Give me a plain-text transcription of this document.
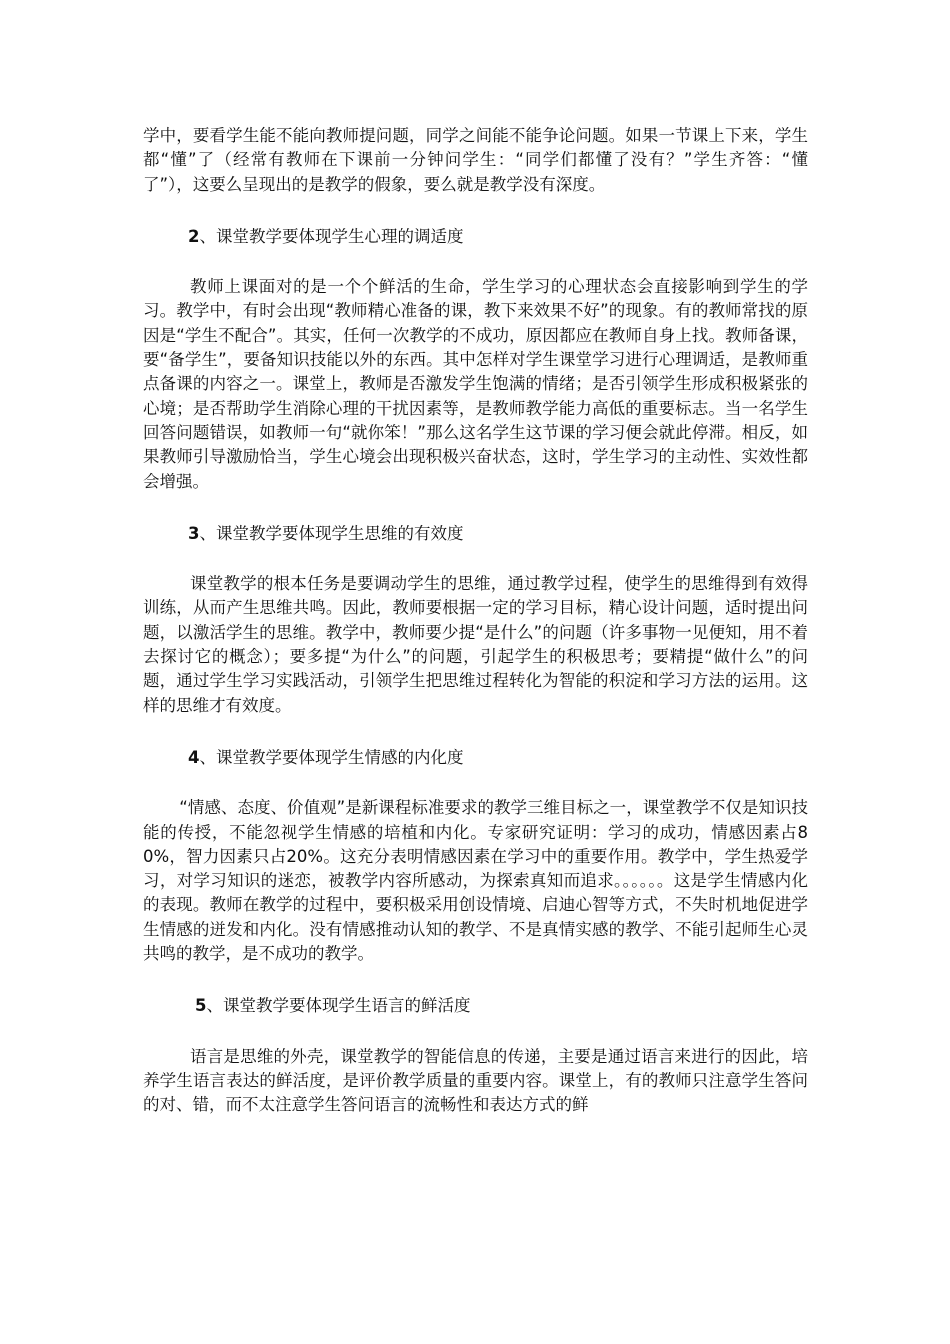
学中，要看学生能不能向教师提问题，同学之间能不能争论问题。如果一节课上下来，学生都“懂”了（经常有教师在下课前一分钟问学生：“同学们都懂了没有？”学生齐答：“懂了”），这要么呈现出的是教学的假象，要么就是教学没有深度。

2、课堂教学要体现学生心理的调适度

教师上课面对的是一个个鲜活的生命，学生学习的心理状态会直接影响到学生的学习。教学中，有时会出现“教师精心准备的课，教下来效果不好”的现象。有的教师常找的原因是“学生不配合”。其实，任何一次教学的不成功，原因都应在教师自身上找。教师备课，要“备学生”，要备知识技能以外的东西。其中怎样对学生课堂学习进行心理调适，是教师重点备课的内容之一。课堂上，教师是否激发学生饱满的情绪；是否引领学生形成积极紧张的心境；是否帮助学生消除心理的干扰因素等，是教师教学能力高低的重要标志。当一名学生回答问题错误，如教师一句“就你笨！”那么这名学生这节课的学习便会就此停滞。相反，如果教师引导激励恰当，学生心境会出现积极兴奋状态，这时，学生学习的主动性、实效性都会增强。

3、课堂教学要体现学生思维的有效度

课堂教学的根本任务是要调动学生的思维，通过教学过程，使学生的思维得到有效得训练，从而产生思维共鸣。因此，教师要根据一定的学习目标，精心设计问题，适时提出问题，以激活学生的思维。教学中，教师要少提“是什么”的问题（许多事物一见便知，用不着去探讨它的概念）；要多提“为什么”的问题，引起学生的积极思考；要精提“做什么”的问题，通过学生学习实践活动，引领学生把思维过程转化为智能的积淀和学习方法的运用。这样的思维才有效度。

4、课堂教学要体现学生情感的内化度

“情感、态度、价值观”是新课程标准要求的教学三维目标之一，课堂教学不仅是知识技能的传授，不能忽视学生情感的培植和内化。专家研究证明：学习的成功，情感因素占80%，智力因素只占20%。这充分表明情感因素在学习中的重要作用。教学中，学生热爱学习，对学习知识的迷恋，被教学内容所感动，为探索真知而追求。。。。。。这是学生情感内化的表现。教师在教学的过程中，要积极采用创设情境、启迪心智等方式，不失时机地促进学生情感的迸发和内化。没有情感推动认知的教学、不是真情实感的教学、不能引起师生心灵共鸣的教学，是不成功的教学。

5、课堂教学要体现学生语言的鲜活度

语言是思维的外壳，课堂教学的智能信息的传递，主要是通过语言来进行的因此，培养学生语言表达的鲜活度，是评价教学质量的重要内容。课堂上，有的教师只注意学生答问的对、错，而不太注意学生答问语言的流畅性和表达方式的鲜
